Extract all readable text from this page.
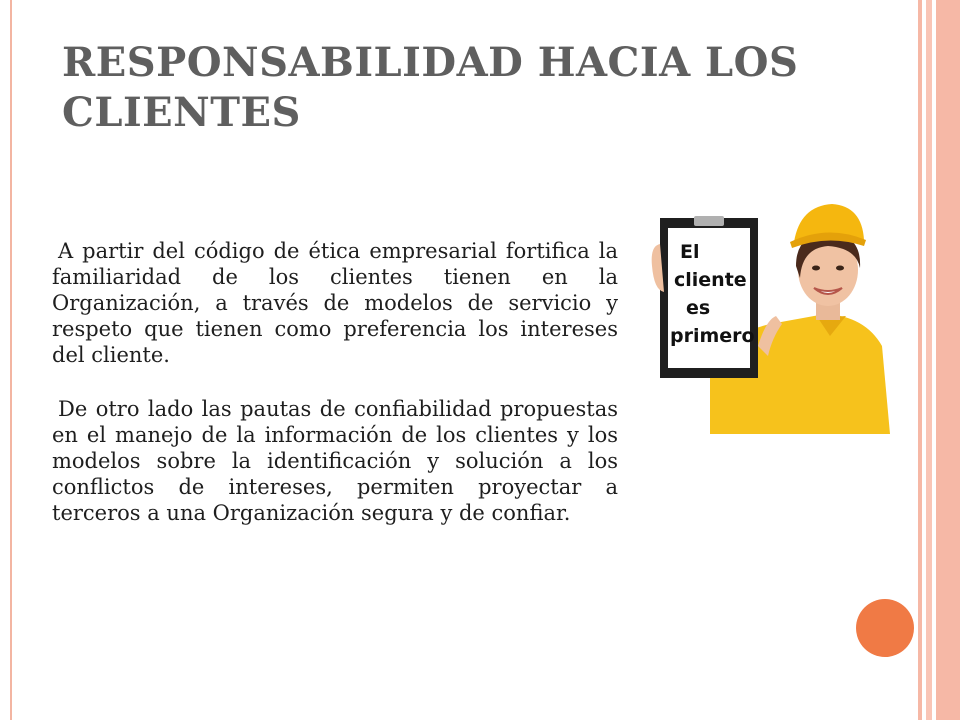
RESPONSABILIDAD HACIA LOS CLIENTES

A partir del código de ética empresarial fortifica la familiaridad de los clientes tienen en la Organización, a través de modelos de servicio y respeto que tienen como preferencia los intereses del cliente.

De otro lado las pautas de confiabilidad propuestas en el manejo de la información de los clientes y los modelos sobre la identificación y solución a los conflictos de intereses, permiten proyectar a terceros a una Organización segura y de confiar.

El
cliente
es
primero
